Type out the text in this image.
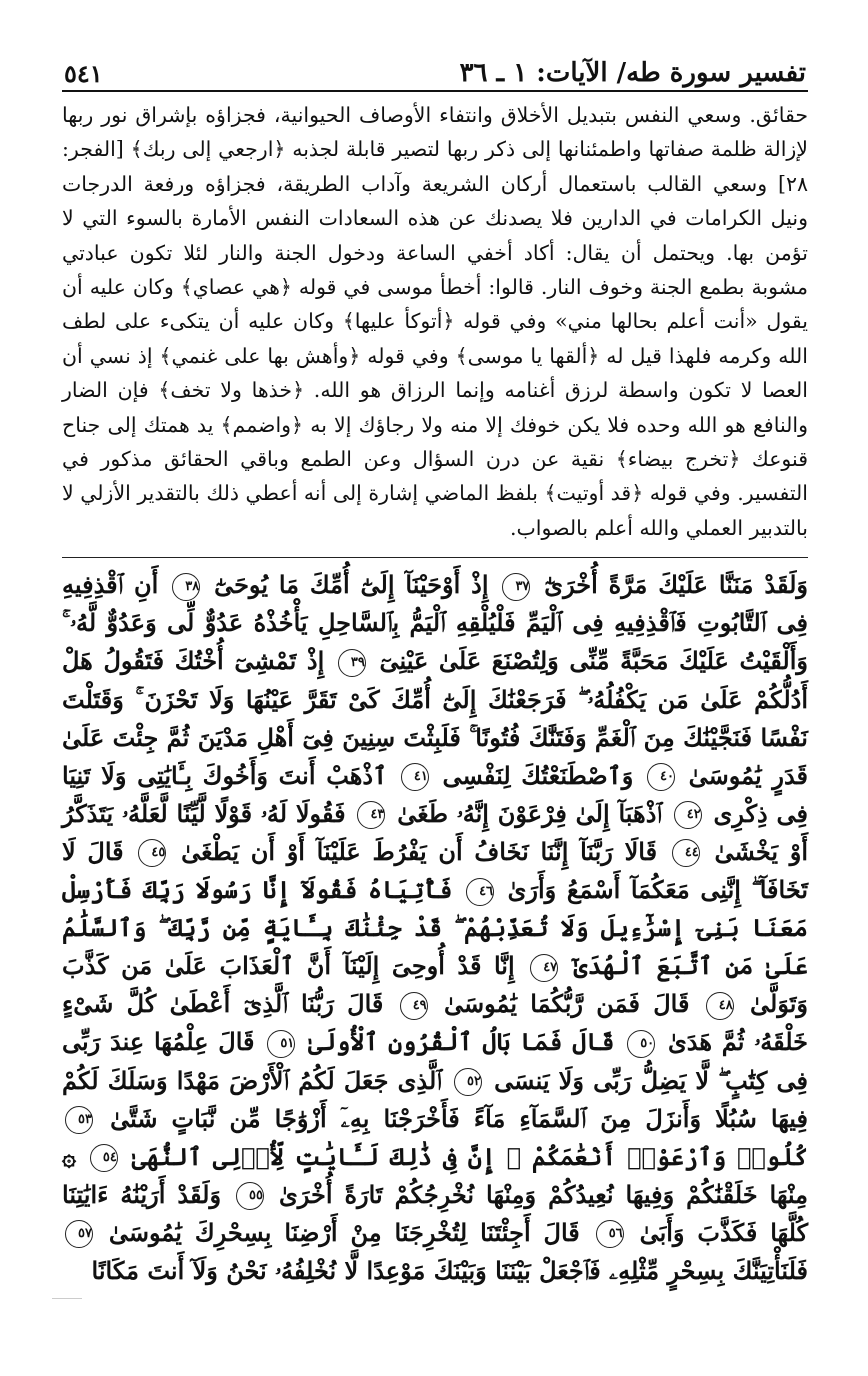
تفسير سورة طه/ الآيات: ١ ـ ٣٦
٥٤١

حقائق. وسعي النفس بتبديل الأخلاق وانتفاء الأوصاف الحيوانية، فجزاؤه بإشراق نور ربها لإزالة ظلمة صفاتها واطمئنانها إلى ذكر ربها لتصير قابلة لجذبه ﴿ارجعي إلى ربك﴾ [الفجر: ٢٨] وسعي القالب باستعمال أركان الشريعة وآداب الطريقة، فجزاؤه ورفعة الدرجات ونيل الكرامات في الدارين فلا يصدنك عن هذه السعادات النفس الأمارة بالسوء التي لا تؤمن بها. ويحتمل أن يقال: أكاد أخفي الساعة ودخول الجنة والنار لئلا تكون عبادتي مشوبة بطمع الجنة وخوف النار. قالوا: أخطأ موسى في قوله ﴿هي عصاي﴾ وكان عليه أن يقول «أنت أعلم بحالها مني» وفي قوله ﴿أتوكأ عليها﴾ وكان عليه أن يتكىء على لطف الله وكرمه فلهذا قيل له ﴿ألقها يا موسى﴾ وفي قوله ﴿وأهش بها على غنمي﴾ إذ نسي أن العصا لا تكون واسطة لرزق أغنامه وإنما الرزاق هو الله. ﴿خذها ولا تخف﴾ فإن الضار والنافع هو الله وحده فلا يكن خوفك إلا منه ولا رجاؤك إلا به ﴿واضمم﴾ يد همتك إلى جناح قنوعك ﴿تخرج بيضاء﴾ نقية عن درن السؤال وعن الطمع وباقي الحقائق مذكور في التفسير. وفي قوله ﴿قد أوتيت﴾ بلفظ الماضي إشارة إلى أنه أعطي ذلك بالتقدير الأزلي لا بالتدبير العملي والله أعلم بالصواب.

وَلَقَدْ مَنَنَّا عَلَيْكَ مَرَّةً أُخْرَىٰٓ ٣٧ إِذْ أَوْحَيْنَآ إِلَىٰٓ أُمِّكَ مَا يُوحَىٰٓ ٣٨ أَنِ ٱقْذِفِيهِ فِى ٱلتَّابُوتِ فَٱقْذِفِيهِ فِى ٱلْيَمِّ فَلْيُلْقِهِ ٱلْيَمُّ بِٱلسَّاحِلِ يَأْخُذْهُ عَدُوٌّ لِّى وَعَدُوٌّ لَّهُۥ ۚ وَأَلْقَيْتُ عَلَيْكَ مَحَبَّةً مِّنِّى وَلِتُصْنَعَ عَلَىٰ عَيْنِىٓ ٣٩ إِذْ تَمْشِىٓ أُخْتُكَ فَتَقُولُ هَلْ أَدُلُّكُمْ عَلَىٰ مَن يَكْفُلُهُۥ ۖ فَرَجَعْنَٰكَ إِلَىٰٓ أُمِّكَ كَىْ تَقَرَّ عَيْنُهَا وَلَا تَحْزَنَ ۚ وَقَتَلْتَ نَفْسًا فَنَجَّيْنَٰكَ مِنَ ٱلْغَمِّ وَفَتَنَّٰكَ فُتُونًا ۚ فَلَبِثْتَ سِنِينَ فِىٓ أَهْلِ مَدْيَنَ ثُمَّ جِئْتَ عَلَىٰ قَدَرٍ يَٰمُوسَىٰ ٤٠ وَٱصْطَنَعْتُكَ لِنَفْسِى ٤١ ٱذْهَبْ أَنتَ وَأَخُوكَ بِـَٔايَٰتِى وَلَا تَنِيَا فِى ذِكْرِى ٤٢ ٱذْهَبَآ إِلَىٰ فِرْعَوْنَ إِنَّهُۥ طَغَىٰ ٤٣ فَقُولَا لَهُۥ قَوْلًا لَّيِّنًا لَّعَلَّهُۥ يَتَذَكَّرُ أَوْ يَخْشَىٰ ٤٤ قَالَا رَبَّنَآ إِنَّنَا نَخَافُ أَن يَفْرُطَ عَلَيْنَآ أَوْ أَن يَطْغَىٰ ٤٥ قَالَ لَا تَخَافَآ ۖ إِنَّنِى مَعَكُمَآ أَسْمَعُ وَأَرَىٰ ٤٦ فَأْتِيَاهُ فَقُولَآ إِنَّا رَسُولَا رَبِّكَ فَأَرْسِلْ مَعَنَا بَنِىٓ إِسْرَٰٓءِيلَ وَلَا تُعَذِّبْهُمْ ۖ قَدْ جِئْنَٰكَ بِـَٔايَةٍ مِّن رَّبِّكَ ۖ وَٱلسَّلَٰمُ عَلَىٰ مَنِ ٱتَّبَعَ ٱلْهُدَىٰٓ ٤٧ إِنَّا قَدْ أُوحِىَ إِلَيْنَآ أَنَّ ٱلْعَذَابَ عَلَىٰ مَن كَذَّبَ وَتَوَلَّىٰ ٤٨ قَالَ فَمَن رَّبُّكُمَا يَٰمُوسَىٰ ٤٩ قَالَ رَبُّنَا ٱلَّذِىٓ أَعْطَىٰ كُلَّ شَىْءٍ خَلْقَهُۥ ثُمَّ هَدَىٰ ٥٠ قَالَ فَمَا بَالُ ٱلْقُرُونِ ٱلْأُولَىٰ ٥١ قَالَ عِلْمُهَا عِندَ رَبِّى فِى كِتَٰبٍ ۖ لَّا يَضِلُّ رَبِّى وَلَا يَنسَى ٥٢ ٱلَّذِى جَعَلَ لَكُمُ ٱلْأَرْضَ مَهْدًا وَسَلَكَ لَكُمْ فِيهَا سُبُلًا وَأَنزَلَ مِنَ ٱلسَّمَآءِ مَآءً فَأَخْرَجْنَا بِهِۦٓ أَزْوَٰجًا مِّن نَّبَاتٍ شَتَّىٰ ٥٣ كُلُوا۟ وَٱرْعَوْا۟ أَنْعَٰمَكُمْ ۗ إِنَّ فِى ذَٰلِكَ لَـَٔايَٰتٍ لِّأُو۟لِى ٱلنُّهَىٰ ٥٤ ۞ مِنْهَا خَلَقْنَٰكُمْ وَفِيهَا نُعِيدُكُمْ وَمِنْهَا نُخْرِجُكُمْ تَارَةً أُخْرَىٰ ٥٥ وَلَقَدْ أَرَيْنَٰهُ ءَايَٰتِنَا كُلَّهَا فَكَذَّبَ وَأَبَىٰ ٥٦ قَالَ أَجِئْتَنَا لِتُخْرِجَنَا مِنْ أَرْضِنَا بِسِحْرِكَ يَٰمُوسَىٰ ٥٧ فَلَنَأْتِيَنَّكَ بِسِحْرٍ مِّثْلِهِۦ فَٱجْعَلْ بَيْنَنَا وَبَيْنَكَ مَوْعِدًا لَّا نُخْلِفُهُۥ نَحْنُ وَلَآ أَنتَ مَكَانًا
